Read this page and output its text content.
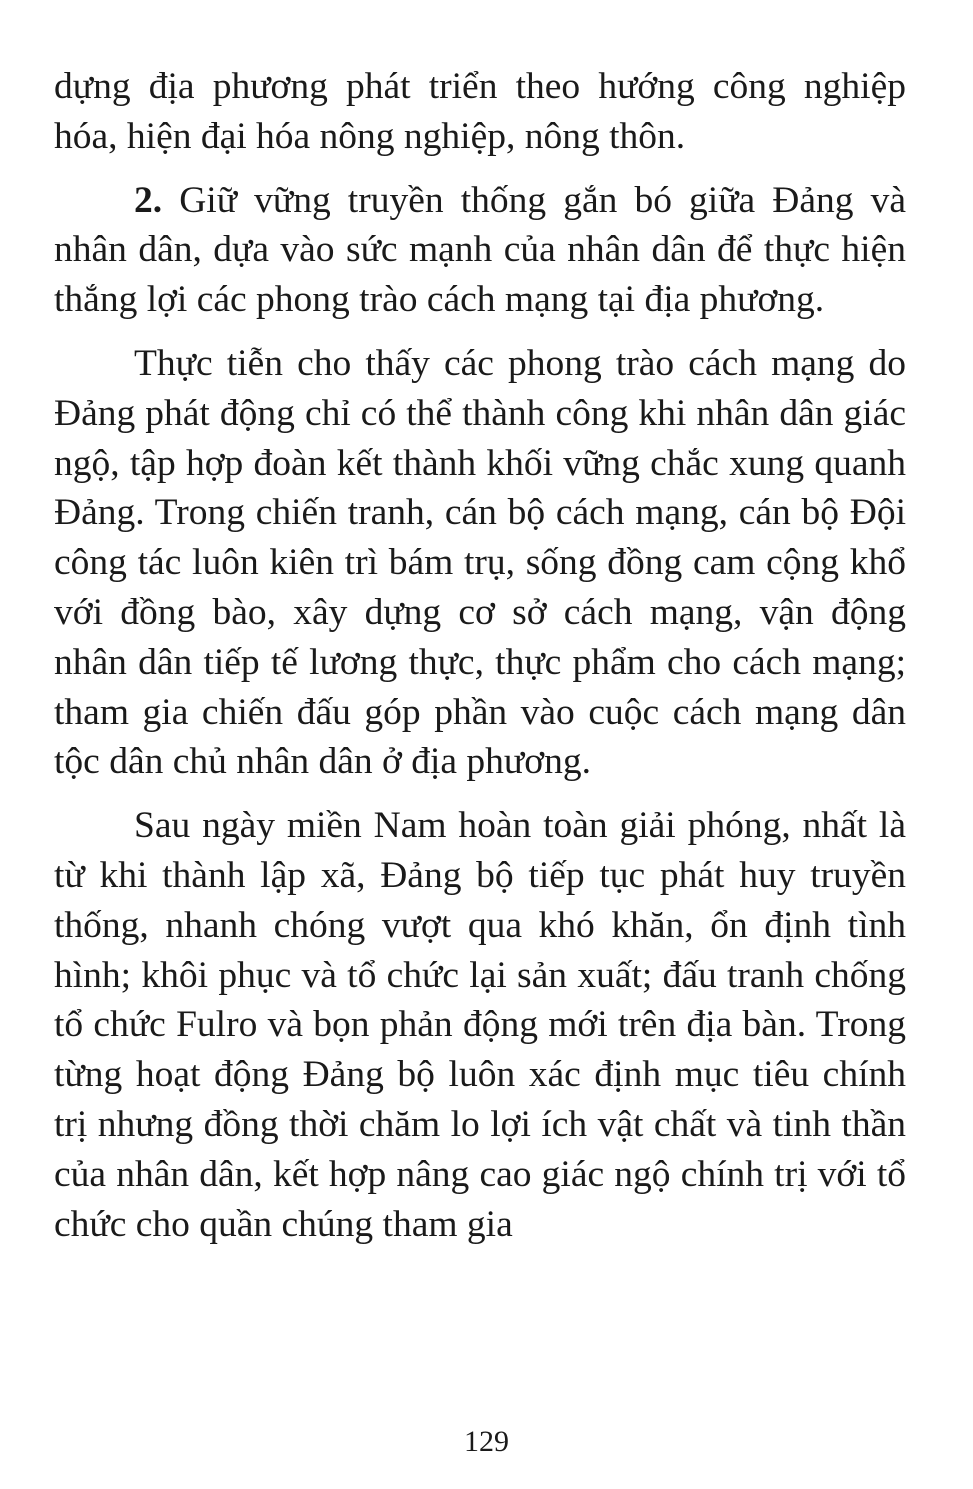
dựng địa phương phát triển theo hướng công nghiệp hóa, hiện đại hóa nông nghiệp, nông thôn.

2. Giữ vững truyền thống gắn bó giữa Đảng và nhân dân, dựa vào sức mạnh của nhân dân để thực hiện thắng lợi các phong trào cách mạng tại địa phương.

Thực tiễn cho thấy các phong trào cách mạng do Đảng phát động chỉ có thể thành công khi nhân dân giác ngộ, tập hợp đoàn kết thành khối vững chắc xung quanh Đảng. Trong chiến tranh, cán bộ cách mạng, cán bộ Đội công tác luôn kiên trì bám trụ, sống đồng cam cộng khổ với đồng bào, xây dựng cơ sở cách mạng, vận động nhân dân tiếp tế lương thực, thực phẩm cho cách mạng; tham gia chiến đấu góp phần vào cuộc cách mạng dân tộc dân chủ nhân dân ở địa phương.

Sau ngày miền Nam hoàn toàn giải phóng, nhất là từ khi thành lập xã, Đảng bộ tiếp tục phát huy truyền thống, nhanh chóng vượt qua khó khăn, ổn định tình hình; khôi phục và tổ chức lại sản xuất; đấu tranh chống tổ chức Fulro và bọn phản động mới trên địa bàn. Trong từng hoạt động Đảng bộ luôn xác định mục tiêu chính trị nhưng đồng thời chăm lo lợi ích vật chất và tinh thần của nhân dân, kết hợp nâng cao giác ngộ chính trị với tổ chức cho quần chúng tham gia

129
